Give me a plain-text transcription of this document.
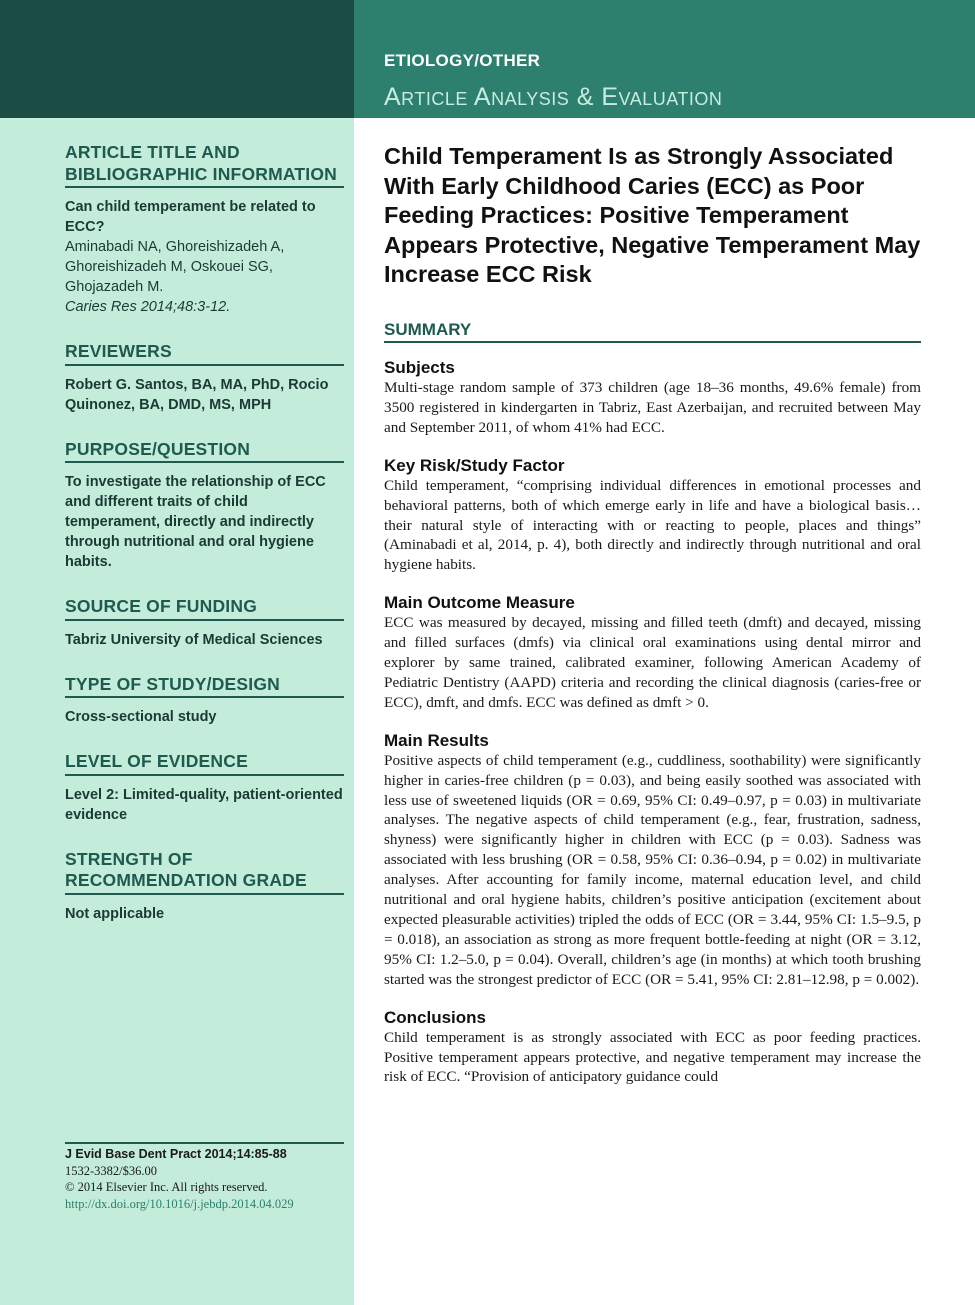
ETIOLOGY/OTHER
Article Analysis & Evaluation
ARTICLE TITLE AND BIBLIOGRAPHIC INFORMATION
Can child temperament be related to ECC?
Aminabadi NA, Ghoreishizadeh A, Ghoreishizadeh M, Oskouei SG, Ghojazadeh M.
Caries Res 2014;48:3-12.
REVIEWERS
Robert G. Santos, BA, MA, PhD, Rocio Quinonez, BA, DMD, MS, MPH
PURPOSE/QUESTION
To investigate the relationship of ECC and different traits of child temperament, directly and indirectly through nutritional and oral hygiene habits.
SOURCE OF FUNDING
Tabriz University of Medical Sciences
TYPE OF STUDY/DESIGN
Cross-sectional study
LEVEL OF EVIDENCE
Level 2: Limited-quality, patient-oriented evidence
STRENGTH OF RECOMMENDATION GRADE
Not applicable
J Evid Base Dent Pract 2014;14:85-88
1532-3382/$36.00
© 2014 Elsevier Inc. All rights reserved.
http://dx.doi.org/10.1016/j.jebdp.2014.04.029
Child Temperament Is as Strongly Associated With Early Childhood Caries (ECC) as Poor Feeding Practices: Positive Temperament Appears Protective, Negative Temperament May Increase ECC Risk
SUMMARY
Subjects

Multi-stage random sample of 373 children (age 18–36 months, 49.6% female) from 3500 registered in kindergarten in Tabriz, East Azerbaijan, and recruited between May and September 2011, of whom 41% had ECC.

Key Risk/Study Factor

Child temperament, “comprising individual differences in emotional processes and behavioral patterns, both of which emerge early in life and have a biological basis… their natural style of interacting with or reacting to people, places and things” (Aminabadi et al, 2014, p. 4), both directly and indirectly through nutritional and oral hygiene habits.

Main Outcome Measure

ECC was measured by decayed, missing and filled teeth (dmft) and decayed, missing and filled surfaces (dmfs) via clinical oral examinations using dental mirror and explorer by same trained, calibrated examiner, following American Academy of Pediatric Dentistry (AAPD) criteria and recording the clinical diagnosis (caries-free or ECC), dmft, and dmfs. ECC was defined as dmft > 0.

Main Results

Positive aspects of child temperament (e.g., cuddliness, soothability) were significantly higher in caries-free children (p = 0.03), and being easily soothed was associated with less use of sweetened liquids (OR = 0.69, 95% CI: 0.49–0.97, p = 0.03) in multivariate analyses. The negative aspects of child temperament (e.g., fear, frustration, sadness, shyness) were significantly higher in children with ECC (p = 0.03). Sadness was associated with less brushing (OR = 0.58, 95% CI: 0.36–0.94, p = 0.02) in multivariate analyses. After accounting for family income, maternal education level, and child nutritional and oral hygiene habits, children’s positive anticipation (excitement about expected pleasurable activities) tripled the odds of ECC (OR = 3.44, 95% CI: 1.5–9.5, p = 0.018), an association as strong as more frequent bottle-feeding at night (OR = 3.12, 95% CI: 1.2–5.0, p = 0.04). Overall, children’s age (in months) at which tooth brushing started was the strongest predictor of ECC (OR = 5.41, 95% CI: 2.81–12.98, p = 0.002).

Conclusions

Child temperament is as strongly associated with ECC as poor feeding practices. Positive temperament appears protective, and negative temperament may increase the risk of ECC. “Provision of anticipatory guidance could
